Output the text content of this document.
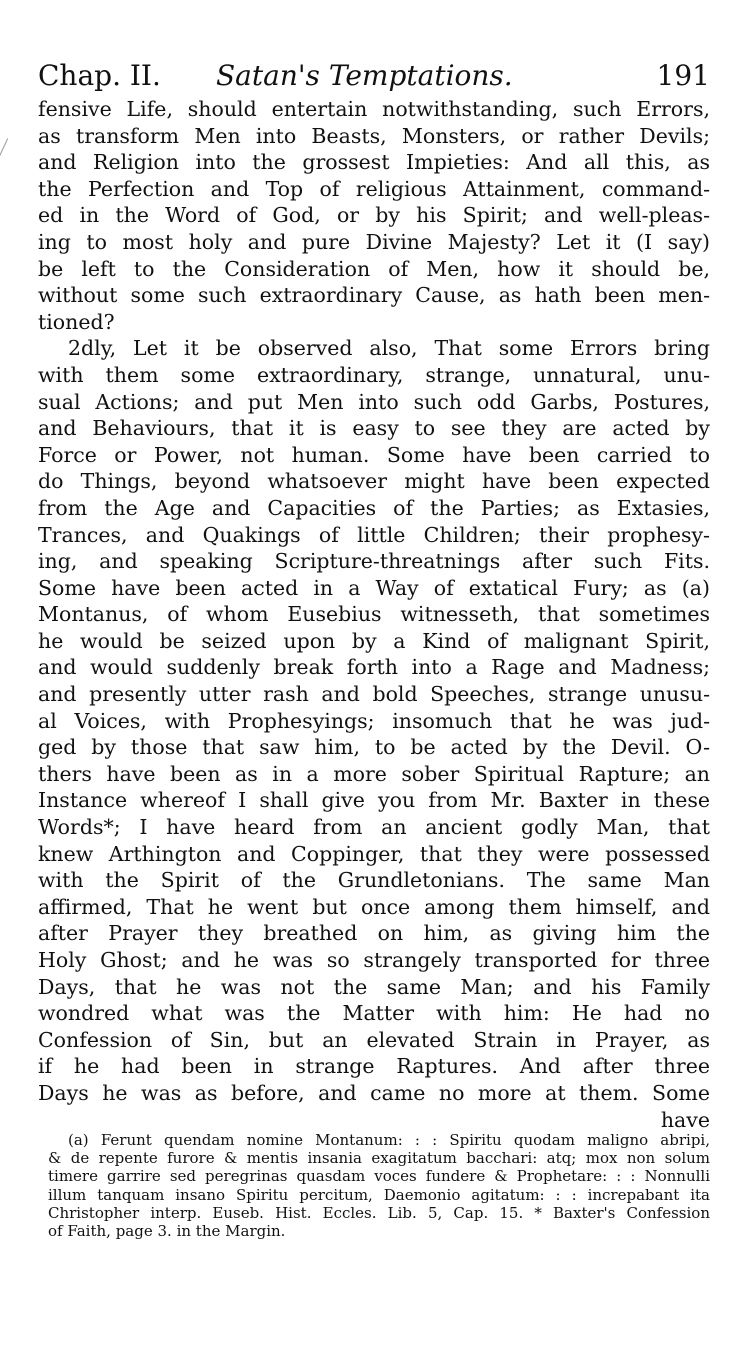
Chap. II. Satan's Temptations.	191
fensive Life, should entertain notwithstanding, such Errors,
as transform Men into Beasts, Monsters, or rather Devils;
and Religion into the grossest Impieties: And all this, as
the Perfection and Top of religious Attainment, command-
ed in the Word of God, or by his Spirit; and well-pleas-
ing to most holy and pure Divine Majesty? Let it (I say)
be left to the Consideration of Men, how it should be,
without some such extraordinary Cause, as hath been men-
tioned?
2dly, Let it be observed also, That some Errors bring
with them some extraordinary, strange, unnatural, unu-
sual Actions; and put Men into such odd Garbs, Postures,
and Behaviours, that it is easy to see they are acted by
Force or Power, not human. Some have been carried to
do Things, beyond whatsoever might have been expected
from the Age and Capacities of the Parties; as Extasies,
Trances, and Quakings of little Children; their prophesy-
ing, and speaking Scripture-threatnings after such Fits.
Some have been acted in a Way of extatical Fury; as (a)
Montanus, of whom Eusebius witnesseth, that sometimes
he would be seized upon by a Kind of malignant Spirit,
and would suddenly break forth into a Rage and Madness;
and presently utter rash and bold Speeches, strange unusu-
al Voices, with Prophesyings; insomuch that he was jud-
ged by those that saw him, to be acted by the Devil. O-
thers have been as in a more sober Spiritual Rapture; an
Instance whereof I shall give you from Mr. Baxter in these
Words*; I have heard from an ancient godly Man, that
knew Arthington and Coppinger, that they were possessed
with the Spirit of the Grundletonians. The same Man
affirmed, That he went but once among them himself, and
after Prayer they breathed on him, as giving him the
Holy Ghost; and he was so strangely transported for three
Days, that he was not the same Man; and his Family
wondred what was the Matter with him: He had no
Confession of Sin, but an elevated Strain in Prayer, as
if he had been in strange Raptures. And after three
Days he was as before, and came no more at them. Some
have
(a) Ferunt quendam nomine Montanum: : : Spiritu quodam maligno abripi,
& de repente furore & mentis insania exagitatum bacchari: atq; mox non solum
timere garrire sed peregrinas quasdam voces fundere & Prophetare: : : Nonnulli
illum tanquam insano Spiritu percitum, Daemonio agitatum: : : increpabant ita
Christopher interp. Euseb. Hist. Eccles. Lib. 5, Cap. 15. * Baxter's Confession
of Faith, page 3. in the Margin.
